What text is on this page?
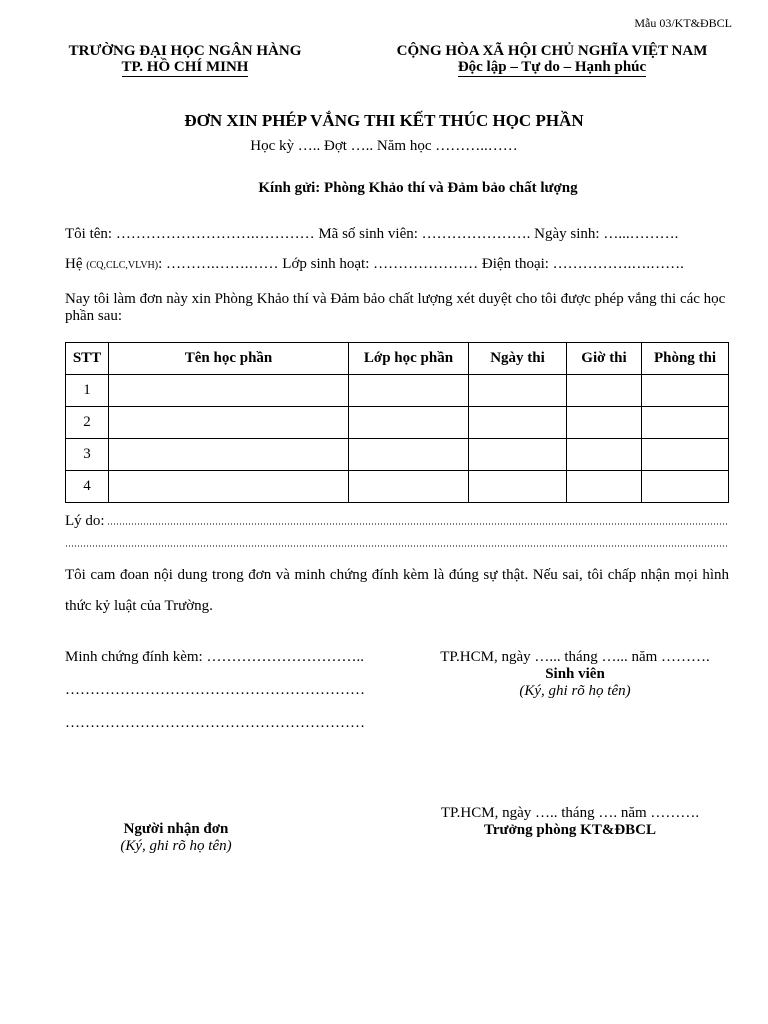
Mẫu 03/KT&ĐBCL
TRƯỜNG ĐẠI HỌC NGÂN HÀNG
TP. HỒ CHÍ MINH
CỘNG HÒA XÃ HỘI CHỦ NGHĨA VIỆT NAM
Độc lập – Tự do – Hạnh phúc
ĐƠN XIN PHÉP VẮNG THI KẾT THÚC HỌC PHẦN
Học kỳ ….. Đợt ….. Năm học ………..……
Kính gửi: Phòng Khảo thí và Đảm bảo chất lượng
Tôi tên: ……………………….………… Mã số sinh viên: …………………. Ngày sinh: …...……….
Hệ (CQ,CLC,VLVH): ……….…….…… Lớp sinh hoạt: ………………… Điện thoại: …………….….…….
Nay tôi làm đơn này xin Phòng Khảo thí và Đảm bảo chất lượng xét duyệt cho tôi được phép vắng thi các học phần sau:
STT	Tên học phần	Lớp học phần	Ngày thi	Giờ thi	Phòng thi
1					
2					
3					
4					
Lý do:
Tôi cam đoan nội dung trong đơn và minh chứng đính kèm là đúng sự thật. Nếu sai, tôi chấp nhận mọi hình thức kỷ luật của Trường.
Minh chứng đính kèm: …………………………..
……………………………………………………
……………………………………………………
TP.HCM, ngày …... tháng …... năm ……….
Sinh viên
(Ký, ghi rõ họ tên)
TP.HCM, ngày ….. tháng …. năm ……….
Trưởng phòng KT&ĐBCL
Người nhận đơn
(Ký, ghi rõ họ tên)
